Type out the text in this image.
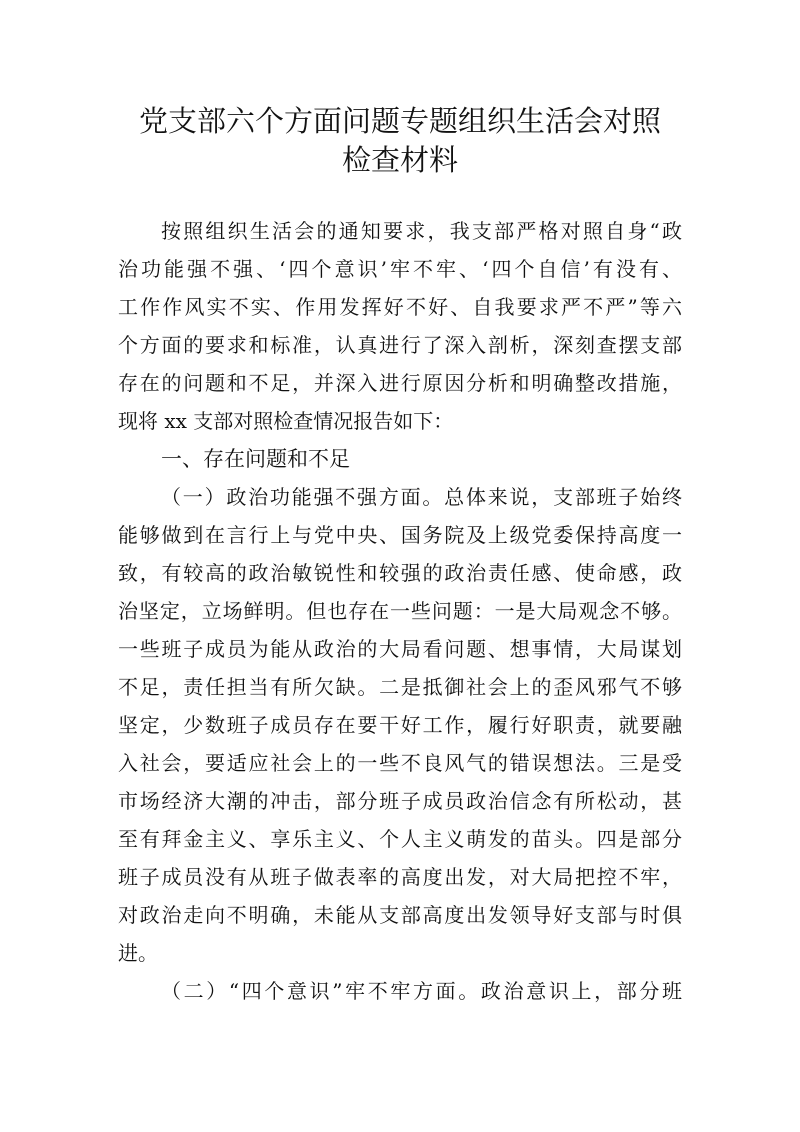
党支部六个方面问题专题组织生活会对照
检查材料
按照组织生活会的通知要求，我支部严格对照自身“政
治功能强不强、‘四个意识’牢不牢、‘四个自信’有没有、
工作作风实不实、作用发挥好不好、自我要求严不严”等六
个方面的要求和标准，认真进行了深入剖析，深刻查摆支部
存在的问题和不足，并深入进行原因分析和明确整改措施，
现将 xx 支部对照检查情况报告如下：
一、存在问题和不足
（一）政治功能强不强方面。总体来说，支部班子始终
能够做到在言行上与党中央、国务院及上级党委保持高度一
致，有较高的政治敏锐性和较强的政治责任感、使命感，政
治坚定，立场鲜明。但也存在一些问题：一是大局观念不够。
一些班子成员为能从政治的大局看问题、想事情，大局谋划
不足，责任担当有所欠缺。二是抵御社会上的歪风邪气不够
坚定，少数班子成员存在要干好工作，履行好职责，就要融
入社会，要适应社会上的一些不良风气的错误想法。三是受
市场经济大潮的冲击，部分班子成员政治信念有所松动，甚
至有拜金主义、享乐主义、个人主义萌发的苗头。四是部分
班子成员没有从班子做表率的高度出发，对大局把控不牢，
对政治走向不明确，未能从支部高度出发领导好支部与时俱
进。
（二）“四个意识”牢不牢方面。政治意识上，部分班
